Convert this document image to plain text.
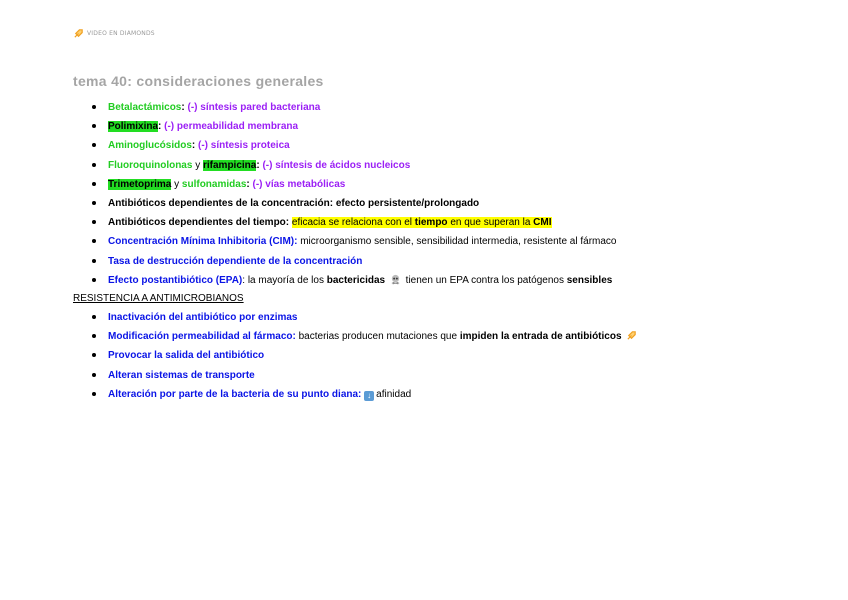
VIDEO EN DIAMONDS
tema 40: consideraciones generales
Betalactámicos: (-) síntesis pared bacteriana
Polimixina: (-) permeabilidad membrana
Aminoglucósidos: (-) síntesis proteica
Fluoroquinolonas y rifampicina: (-) síntesis de ácidos nucleicos
Trimetoprima y sulfonamidas: (-) vías metabólicas
Antibióticos dependientes de la concentración: efecto persistente/prolongado
Antibióticos dependientes del tiempo: eficacia se relaciona con el tiempo en que superan la CMI
Concentración Mínima Inhibitoria (CIM): microorganismo sensible, sensibilidad intermedia, resistente al fármaco
Tasa de destrucción dependiente de la concentración
Efecto postantibiótico (EPA): la mayoría de los bactericidas  tienen un EPA contra los patógenos sensibles
RESISTENCIA A ANTIMICROBIANOS
Inactivación del antibiótico por enzimas
Modificación permeabilidad al fármaco: bacterias producen mutaciones que impiden la entrada de antibióticos
Provocar la salida del antibiótico
Alteran sistemas de transporte
Alteración por parte de la bacteria de su punto diana: ↓ afinidad
